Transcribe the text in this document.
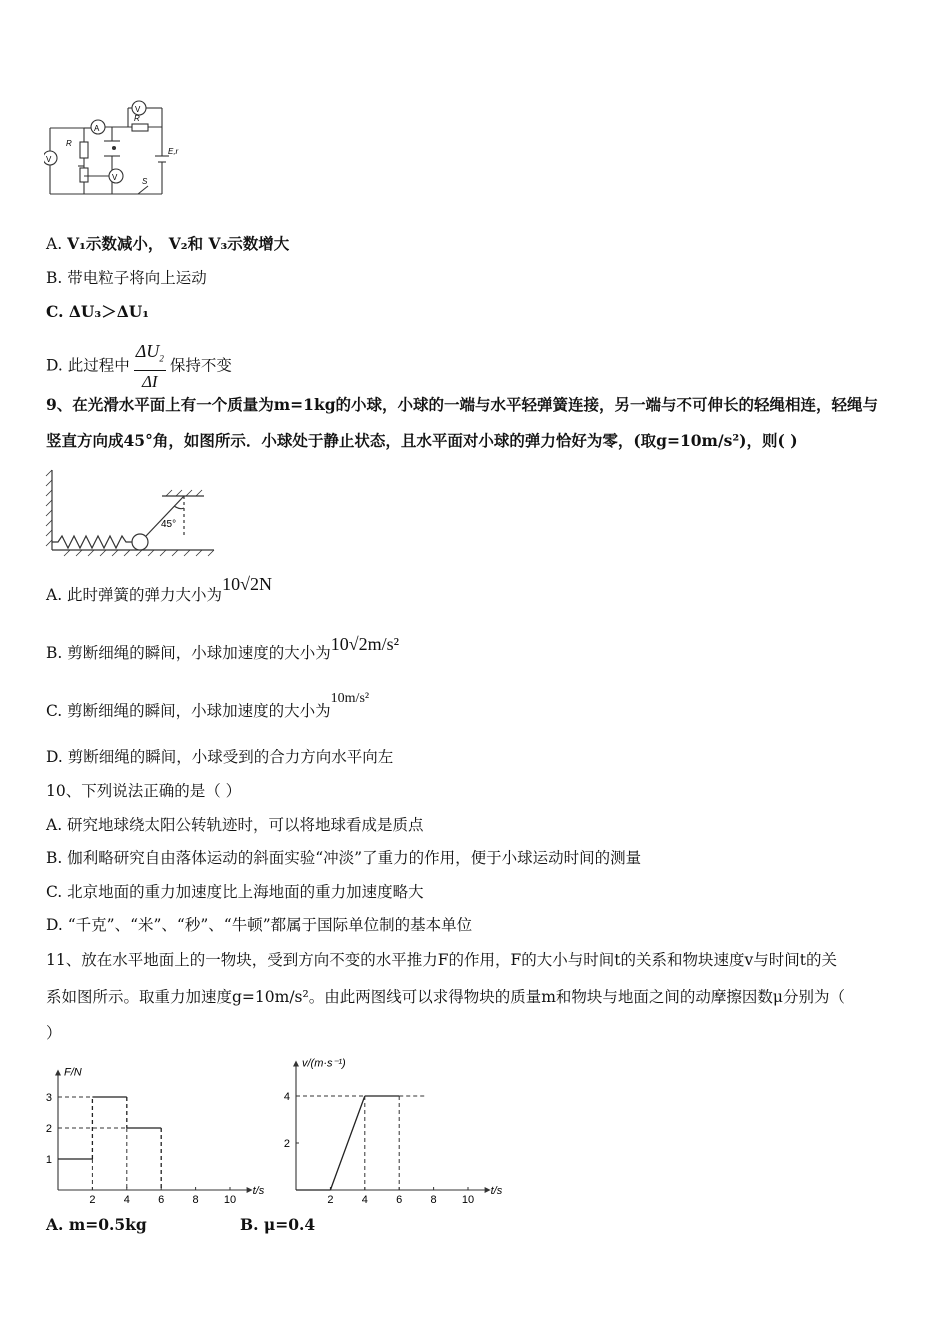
V
A
V
V
R
R
E,r
S
A. V₁示数减小， V₂和 V₃示数增大
B. 带电粒子将向上运动
C. ΔU₃＞ΔU₁
D. 此过程中 $\frac{\Delta U_2}{\Delta I}$ 保持不变
9、在光滑水平面上有一个质量为m=1kg的小球，小球的一端与水平轻弹簧连接，另一端与不可伸长的轻绳相连，轻绳与
竖直方向成45°角，如图所示．小球处于静止状态，且水平面对小球的弹力恰好为零，(取g=10m/s²)，则( )
45°
A. 此时弹簧的弹力大小为10√2N
B. 剪断细绳的瞬间，小球加速度的大小为10√2m/s²
C. 剪断细绳的瞬间，小球加速度的大小为10m/s²
D. 剪断细绳的瞬间，小球受到的合力方向水平向左
10、下列说法正确的是（ ）
A. 研究地球绕太阳公转轨迹时，可以将地球看成是质点
B. 伽利略研究自由落体运动的斜面实验“冲淡”了重力的作用，便于小球运动时间的测量
C. 北京地面的重力加速度比上海地面的重力加速度略大
D. “千克”、“米”、“秒”、“牛顿”都属于国际单位制的基本单位
11、放在水平地面上的一物块，受到方向不变的水平推力F的作用，F的大小与时间t的关系和物块速度v与时间t的关
系如图所示。取重力加速度g=10m/s²。由此两图线可以求得物块的质量m和物块与地面之间的动摩擦因数μ分别为（
）
F/N
t/s
2	4	6	8 10
1
2
3
v/(m·s⁻¹)
t/s
2	4	6	8 10
2
4
A. m=0.5kg	B. μ=0.4
